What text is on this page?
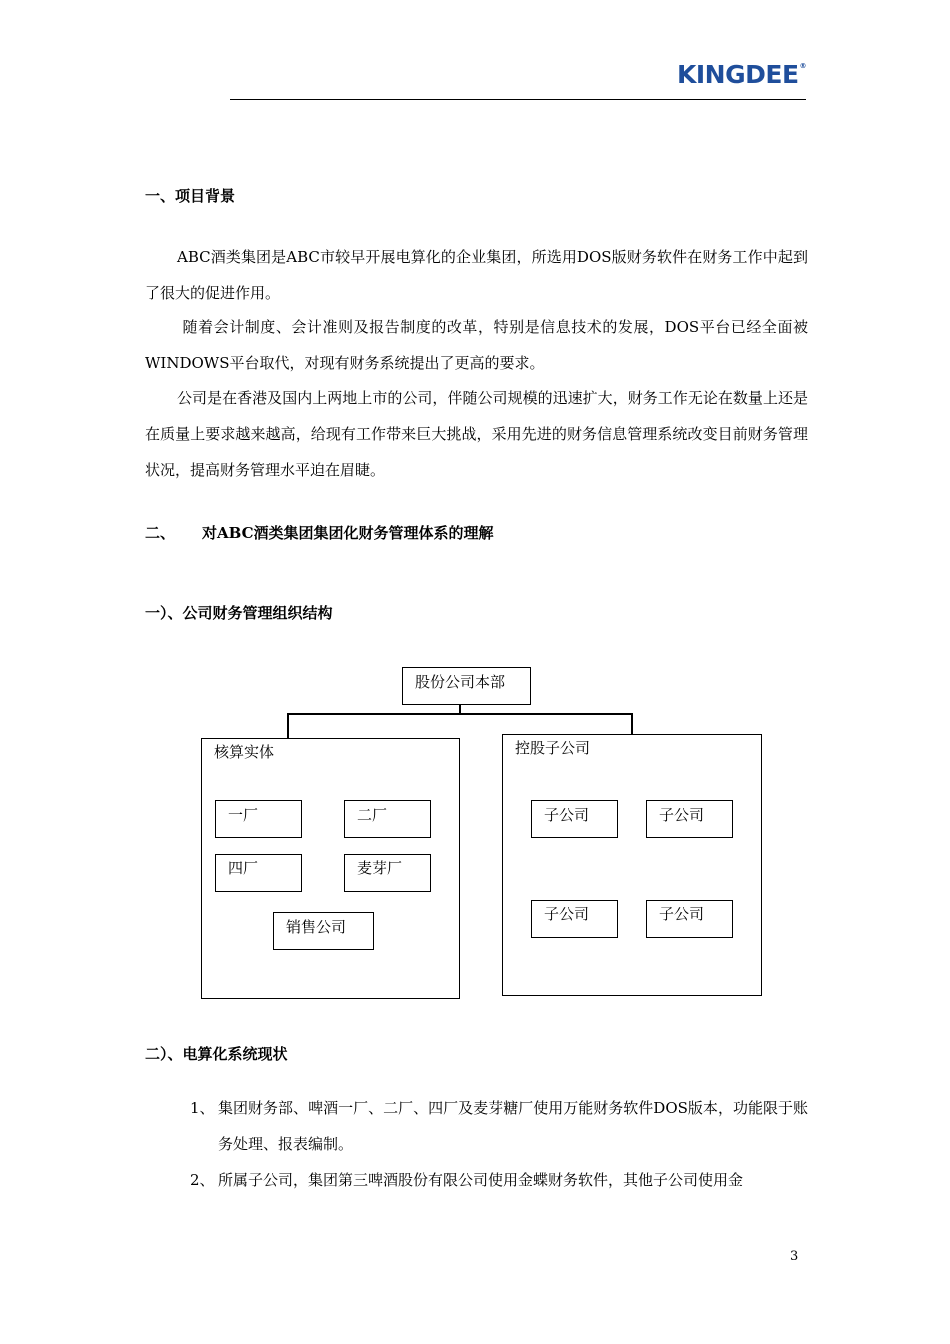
KINGDEE®
一、项目背景
ABC酒类集团是ABC市较早开展电算化的企业集团，所选用DOS版财务软件在财务工作中起到了很大的促进作用。
随着会计制度、会计准则及报告制度的改革，特别是信息技术的发展，DOS平台已经全面被WINDOWS平台取代，对现有财务系统提出了更高的要求。
公司是在香港及国内上两地上市的公司，伴随公司规模的迅速扩大，财务工作无论在数量上还是在质量上要求越来越高，给现有工作带来巨大挑战，采用先进的财务信息管理系统改变目前财务管理状况，提高财务管理水平迫在眉睫。
二、 对ABC酒类集团集团化财务管理体系的理解
一）、公司财务管理组织结构
股份公司本部
核算实体
一厂	二厂
四厂	麦芽厂
销售公司
控股子公司
子公司	子公司
子公司	子公司
二）、电算化系统现状
1、 集团财务部、啤酒一厂、二厂、四厂及麦芽糖厂使用万能财务软件DOS版本，功能限于账务处理、报表编制。
2、 所属子公司，集团第三啤酒股份有限公司使用金蝶财务软件，其他子公司使用金
3
